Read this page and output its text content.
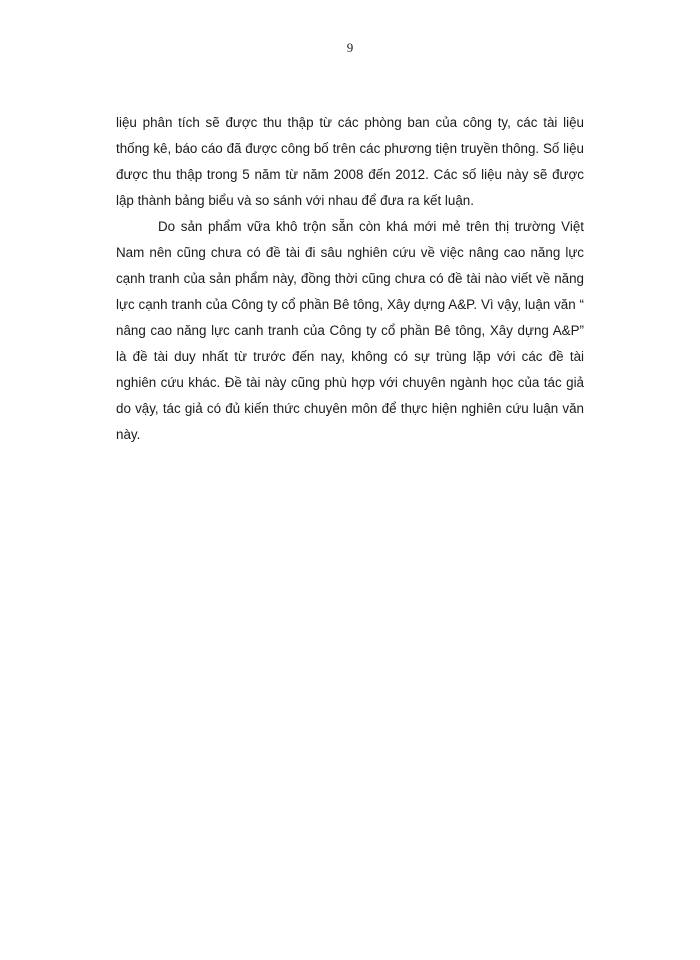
9

liệu phân tích sẽ được thu thập từ các phòng ban của công ty, các tài liệu thống kê, báo cáo đã được công bố trên các phương tiện truyền thông. Số liệu được thu thập trong 5 năm từ năm 2008 đến 2012. Các số liệu này sẽ được lập thành bảng biểu và so sánh với nhau để đưa ra kết luận.

Do sản phẩm vữa khô trộn sẵn còn khá mới mẻ trên thị trường Việt Nam nên cũng chưa có đề tài đi sâu nghiên cứu về việc nâng cao năng lực cạnh tranh của sản phẩm này, đồng thời cũng chưa có đề tài nào viết về năng lực cạnh tranh của Công ty cổ phần Bê tông, Xây dựng A&P. Vì vậy, luận văn “ nâng cao năng lực canh tranh của Công ty cổ phần Bê tông, Xây dựng A&P” là đề tài duy nhất từ trước đến nay, không có sự trùng lặp với các đề tài nghiên cứu khác. Đề tài này cũng phù hợp với chuyên ngành học của tác giả do vậy, tác giả có đủ kiến thức chuyên môn để thực hiện nghiên cứu luận văn này.
